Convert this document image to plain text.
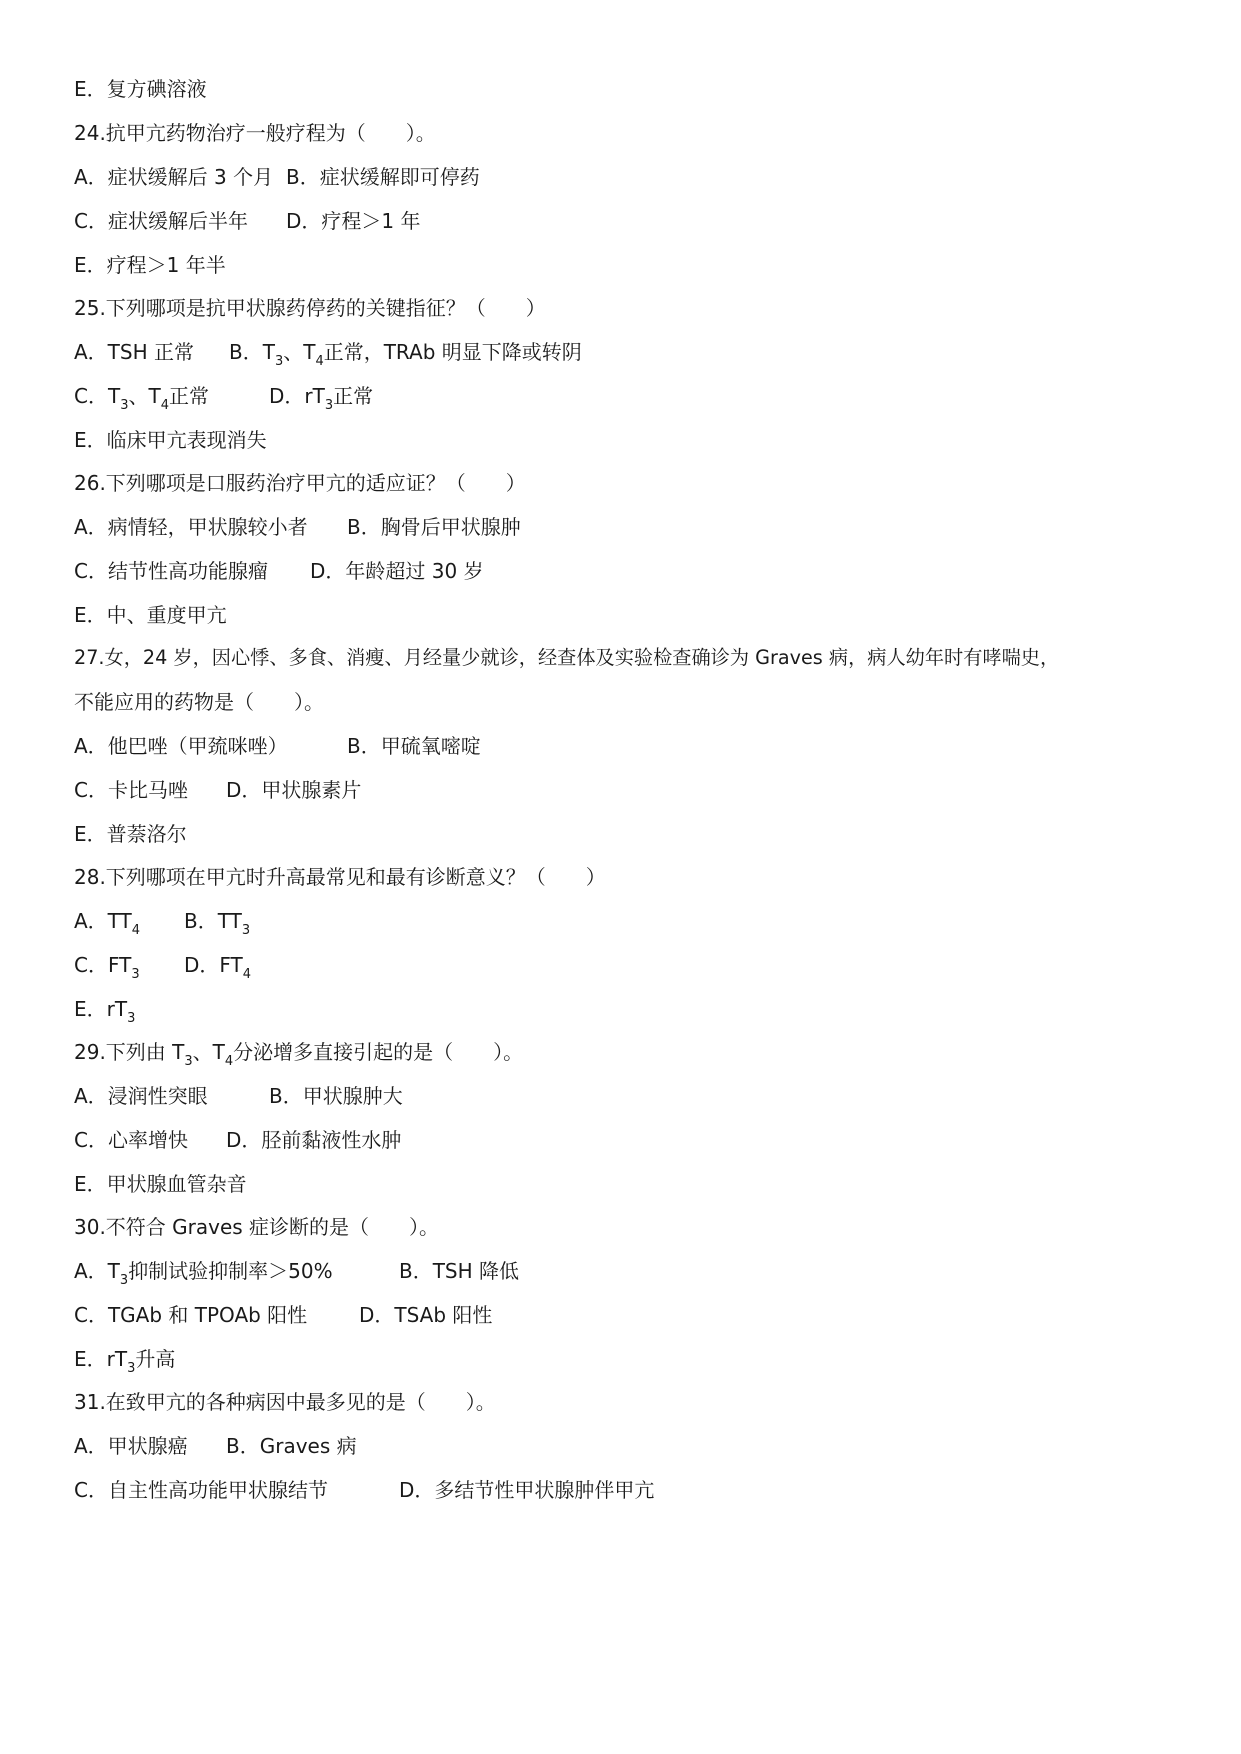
E．复方碘溶液
24.抗甲亢药物治疗一般疗程为（　　）。
A．症状缓解后 3 个月 B．症状缓解即可停药
C．症状缓解后半年 D．疗程＞1 年
E．疗程＞1 年半
25.下列哪项是抗甲状腺药停药的关键指征？（　　）
A．TSH 正常 B．T3、T4正常，TRAb 明显下降或转阴
C．T3、T4正常	D．rT3正常
E．临床甲亢表现消失
26.下列哪项是口服药治疗甲亢的适应证？（　　）
A．病情轻，甲状腺较小者 B．胸骨后甲状腺肿
C．结节性高功能腺瘤 D．年龄超过 30 岁
E．中、重度甲亢
27.女，24 岁，因心悸、多食、消瘦、月经量少就诊，经查体及实验检查确诊为 Graves 病，病人幼年时有哮喘史，
不能应用的药物是（　　）。
A．他巴唑（甲巯咪唑）	B．甲硫氧嘧啶
C．卡比马唑 D．甲状腺素片
E．普萘洛尔
28.下列哪项在甲亢时升高最常见和最有诊断意义？（　　）
A．TT4 B．TT3
C．FT3 D．FT4
E．rT3
29.下列由 T3、T4分泌增多直接引起的是（　　）。
A．浸润性突眼	B．甲状腺肿大
C．心率增快 D．胫前黏液性水肿
E．甲状腺血管杂音
30.不符合 Graves 症诊断的是（　　）。
A．T3抑制试验抑制率＞50%	B．TSH 降低
C．TGAb 和 TPOAb 阳性	D．TSAb 阳性
E．rT3升高
31.在致甲亢的各种病因中最多见的是（　　）。
A．甲状腺癌 B．Graves 病
C．自主性高功能甲状腺结节	D．多结节性甲状腺肿伴甲亢
